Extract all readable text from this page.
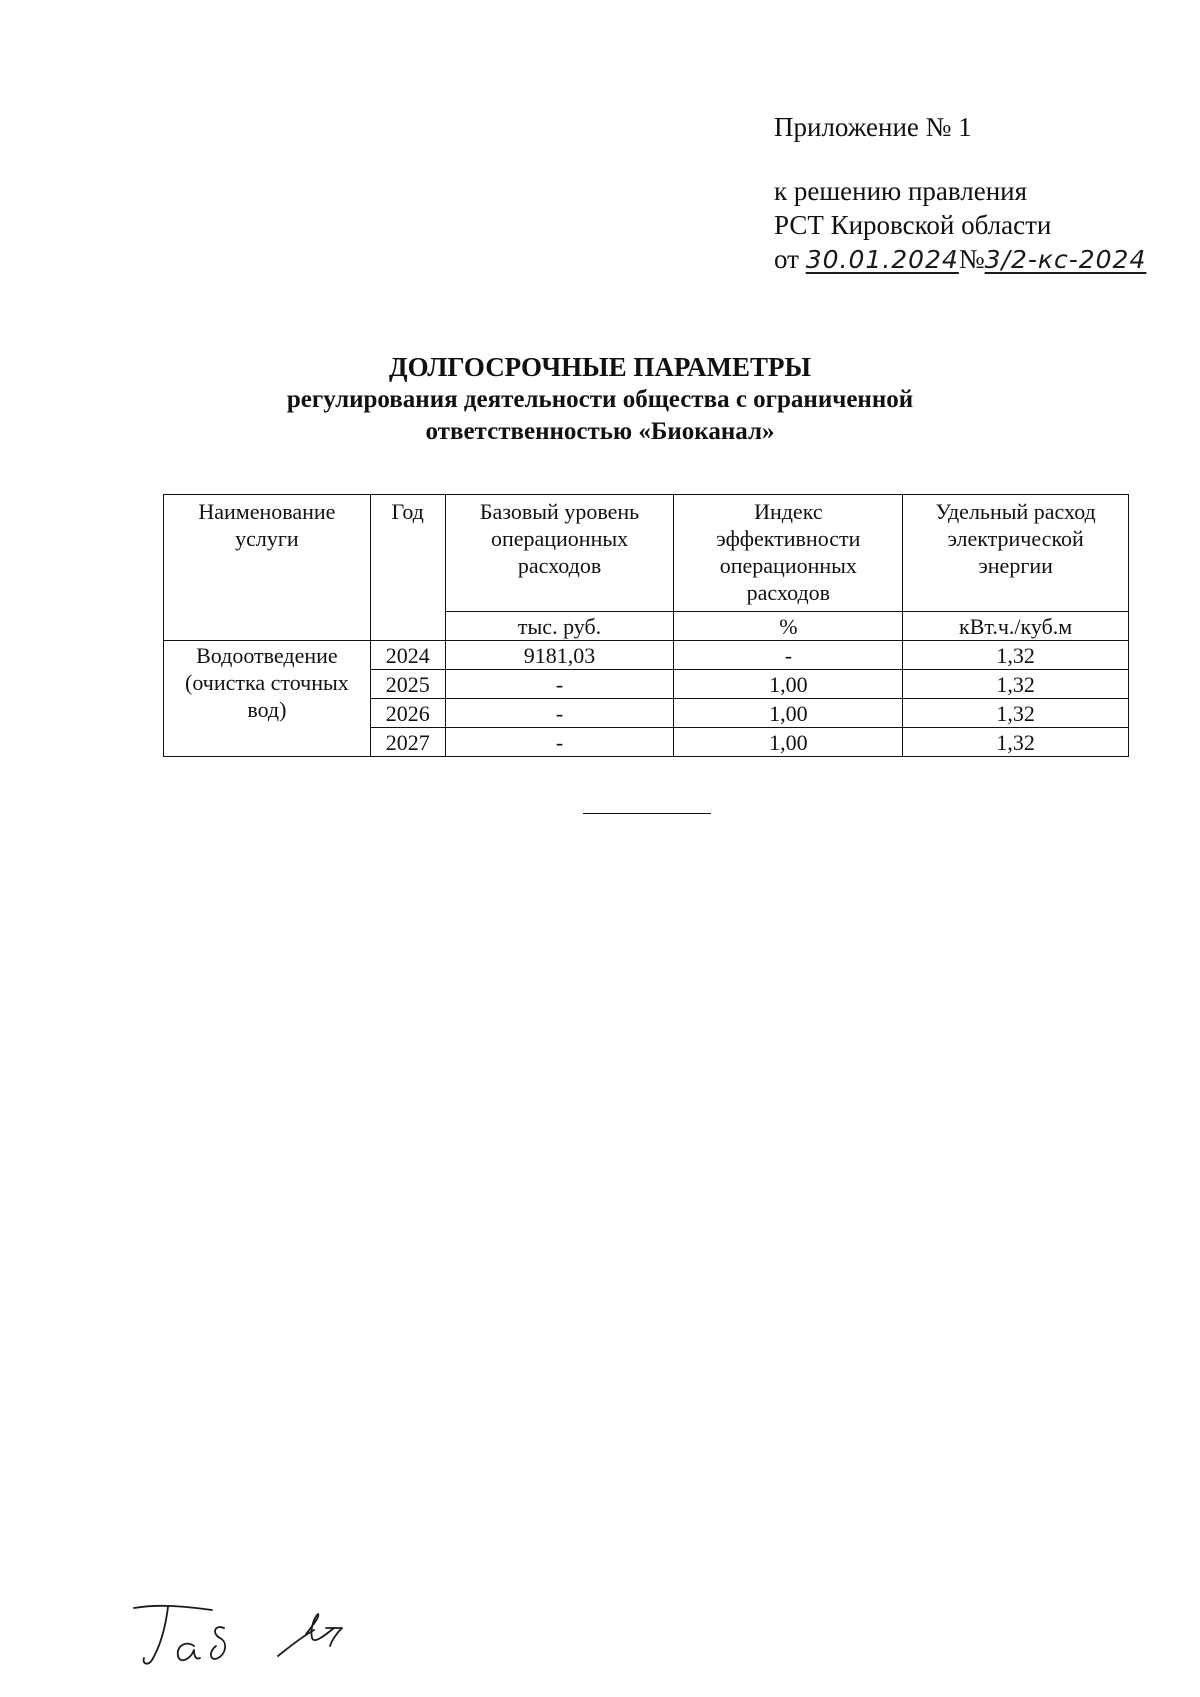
Приложение № 1
к решению правления
РСТ Кировской области
от 30.01.2024№3/2-кс-2024
ДОЛГОСРОЧНЫЕ ПАРАМЕТРЫ
регулирования деятельности общества с ограниченной
ответственностью «Биоканал»
Наименование услуги	Год	Базовый уровень операционных расходов	Индекс эффективности операционных расходов	Удельный расход электрической энергии
		тыс. руб.	%	кВт.ч./куб.м
Водоотведение (очистка сточных вод)	2024	9181,03	-	1,32
	2025	-	1,00	1,32
	2026	-	1,00	1,32
	2027	-	1,00	1,32
